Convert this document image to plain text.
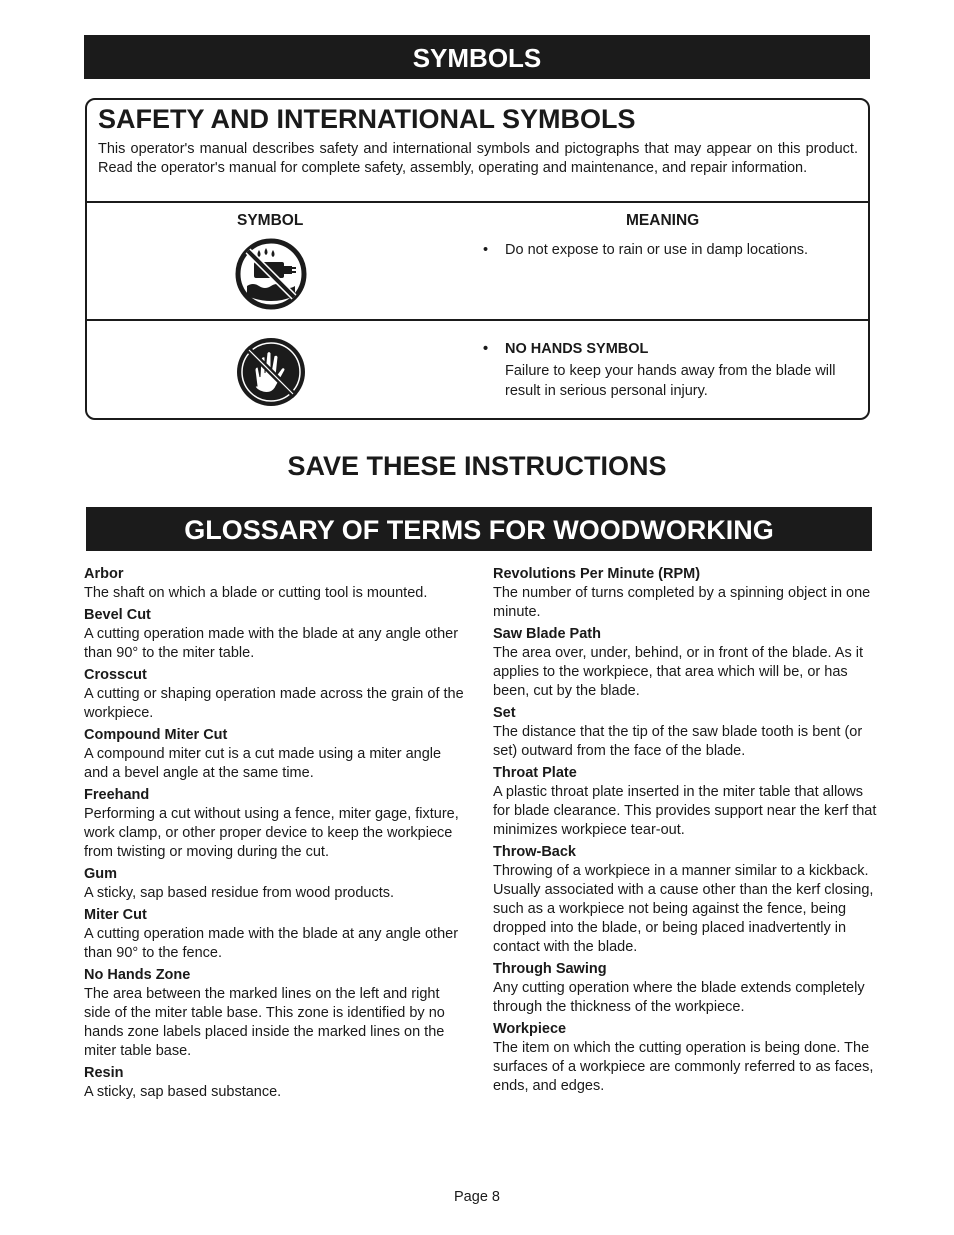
SYMBOLS
SAFETY AND INTERNATIONAL SYMBOLS

This operator's manual describes safety and international symbols and pictographs that may appear on this product. Read the operator's manual for complete safety, assembly, operating and maintenance, and repair information.

SYMBOL	MEANING
• Do not expose to rain or use in damp locations.
• NO HANDS SYMBOL
Failure to keep your hands away from the blade will result in serious personal injury.
SAVE THESE INSTRUCTIONS
GLOSSARY OF TERMS FOR WOODWORKING

Arbor

The shaft on which a blade or cutting tool is mounted.

Bevel Cut

A cutting operation made with the blade at any angle other than 90° to the miter table.

Crosscut

A cutting or shaping operation made across the grain of the workpiece.

Compound Miter Cut

A compound miter cut is a cut made using a miter angle and a bevel angle at the same time.

Freehand

Performing a cut without using a fence, miter gage, fixture, work clamp, or other proper device to keep the workpiece from twisting or moving during the cut.

Gum

A sticky, sap based residue from wood products.

Miter Cut

A cutting operation made with the blade at any angle other than 90° to the fence.

No Hands Zone

The area between the marked lines on the left and right side of the miter table base. This zone is identified by no hands zone labels placed inside the marked lines on the miter table base.

Resin

A sticky, sap based substance.

Revolutions Per Minute (RPM)

The number of turns completed by a spinning object in one minute.

Saw Blade Path

The area over, under, behind, or in front of the blade. As it applies to the workpiece, that area which will be, or has been, cut by the blade.

Set

The distance that the tip of the saw blade tooth is bent (or set) outward from the face of the blade.

Throat Plate

A plastic throat plate inserted in the miter table that allows for blade clearance. This provides support near the kerf that minimizes workpiece tear-out.

Throw-Back

Throwing of a workpiece in a manner similar to a kickback. Usually associated with a cause other than the kerf closing, such as a workpiece not being against the fence, being dropped into the blade, or being placed inadvertently in contact with the blade.

Through Sawing

Any cutting operation where the blade extends completely through the thickness of the workpiece.

Workpiece

The item on which the cutting operation is being done. The surfaces of a workpiece are commonly referred to as faces, ends, and edges.

Page 8
